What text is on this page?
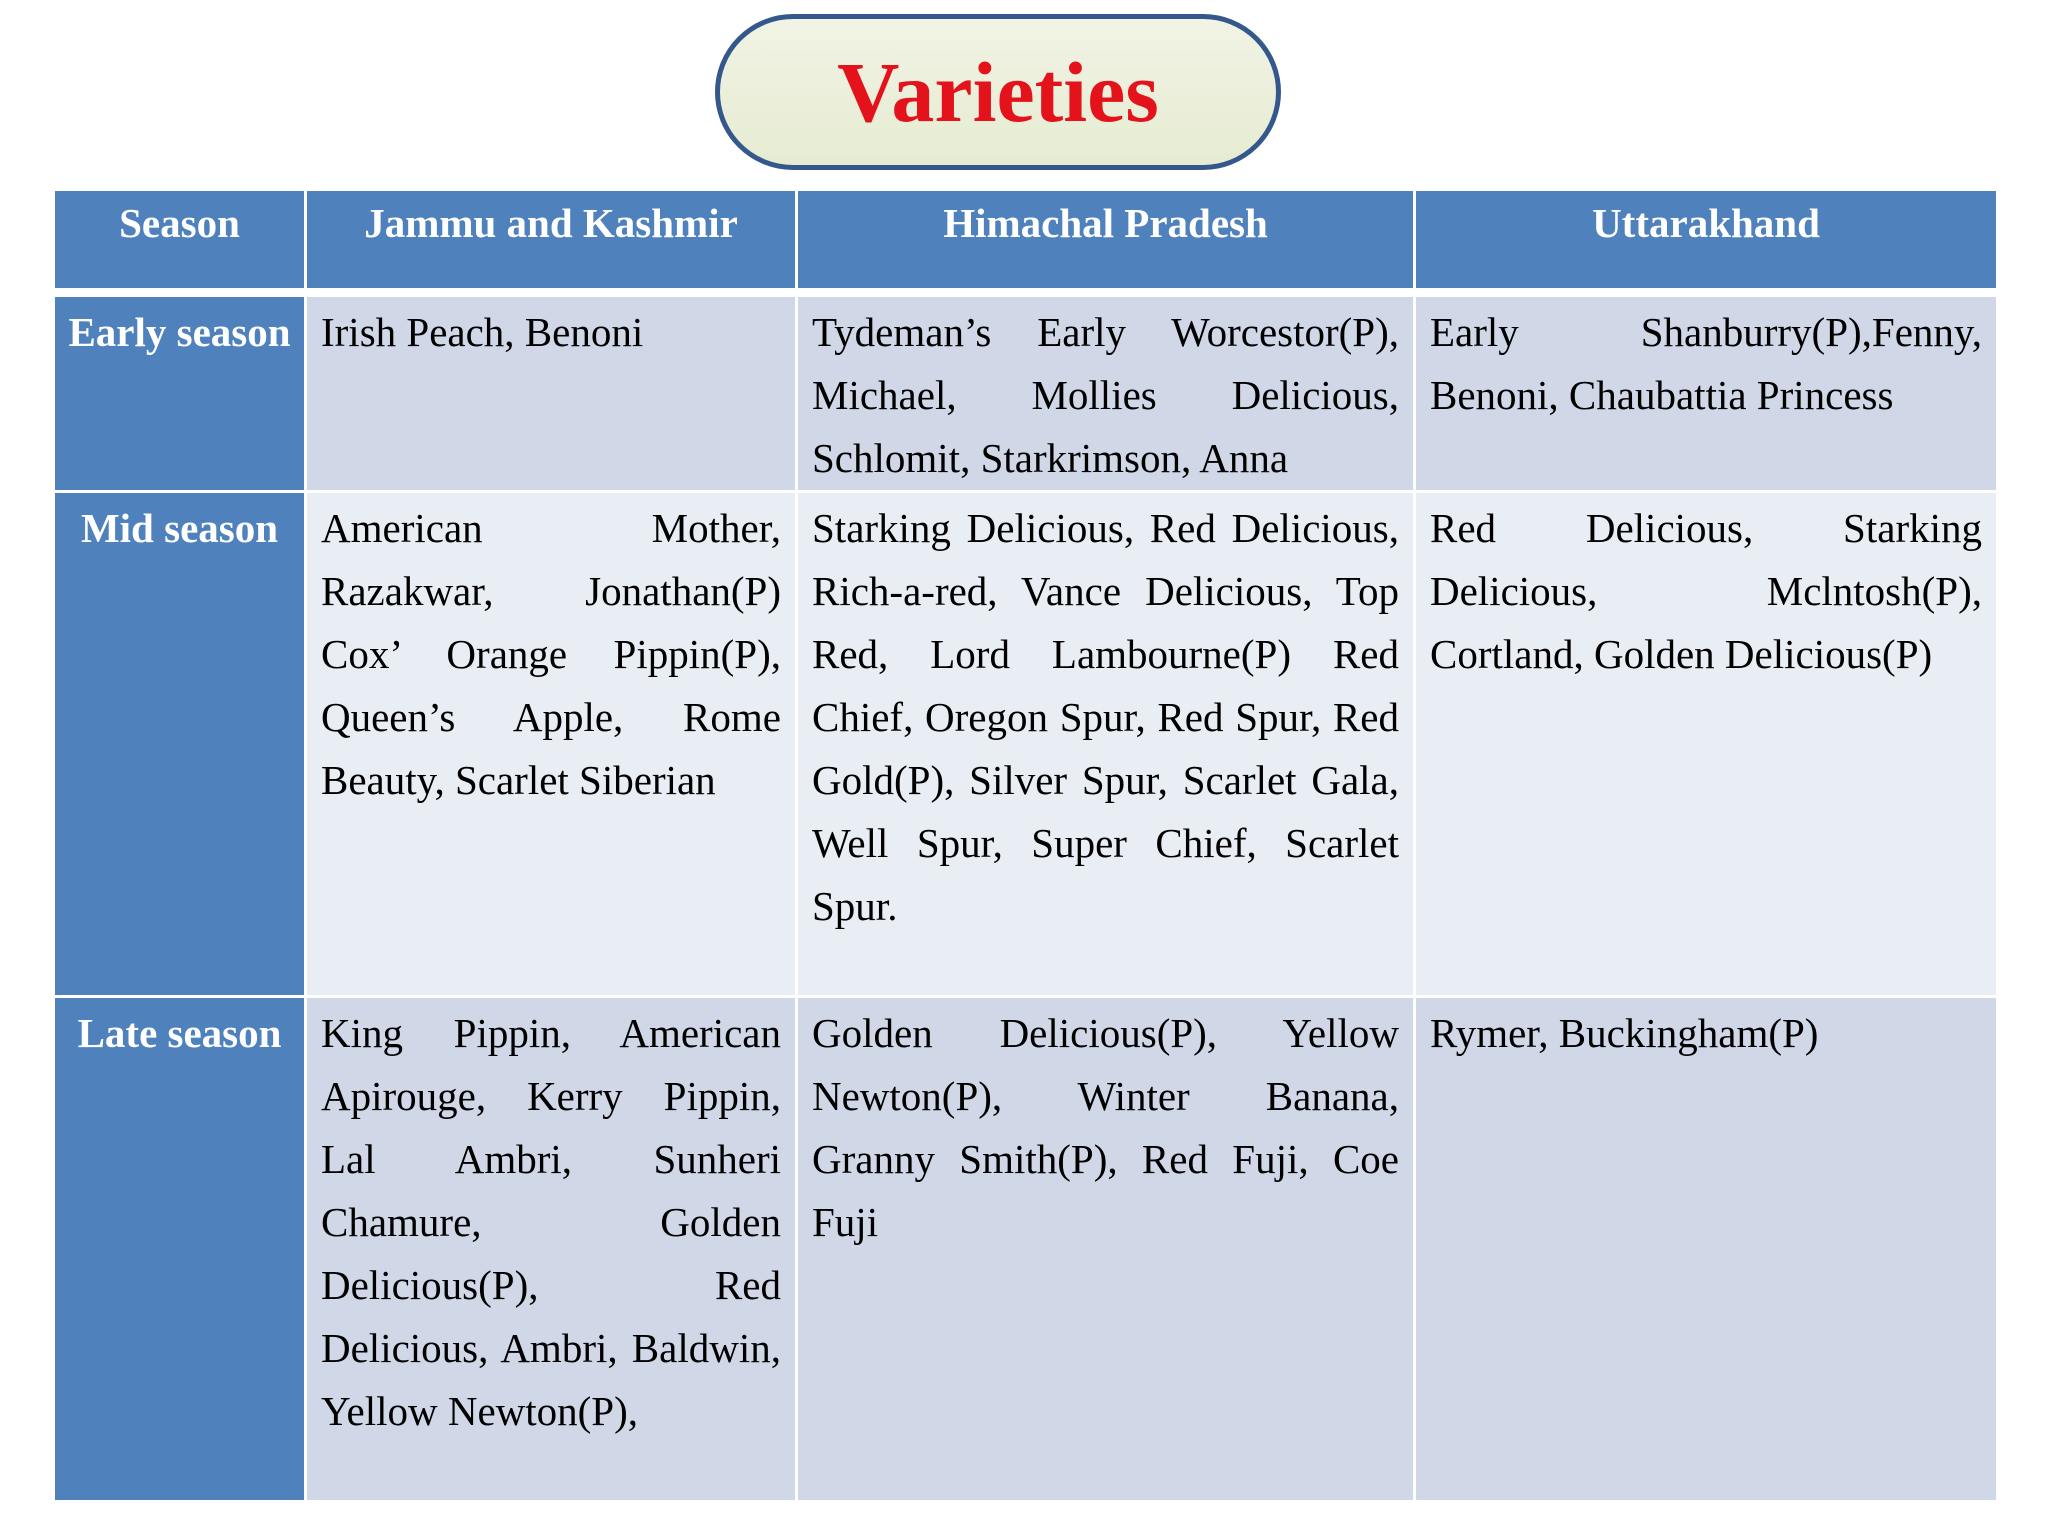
Varieties
Season	Jammu and Kashmir	Himachal Pradesh	Uttarakhand

Early season	Irish Peach, Benoni	Tydeman’s Early Worcestor(P), Michael, Mollies Delicious, Schlomit, Starkrimson, Anna	Early Shanburry(P),Fenny, Benoni, Chaubattia Princess
Mid season	American Mother, Razakwar, Jonathan(P) Cox’ Orange Pippin(P), Queen’s Apple, Rome Beauty, Scarlet Siberian	Starking Delicious, Red Delicious, Rich-a-red, Vance Delicious, Top Red, Lord Lambourne(P) Red Chief, Oregon Spur, Red Spur, Red Gold(P), Silver Spur, Scarlet Gala, Well Spur, Super Chief, Scarlet Spur.	Red Delicious, Starking Delicious, Mclntosh(P), Cortland, Golden Delicious(P)
Late season	King Pippin, American Apirouge, Kerry Pippin, Lal Ambri, Sunheri Chamure, Golden Delicious(P), Red Delicious, Ambri, Baldwin, Yellow Newton(P),	Golden Delicious(P), Yellow Newton(P), Winter Banana, Granny Smith(P), Red Fuji, Coe Fuji	Rymer, Buckingham(P)
